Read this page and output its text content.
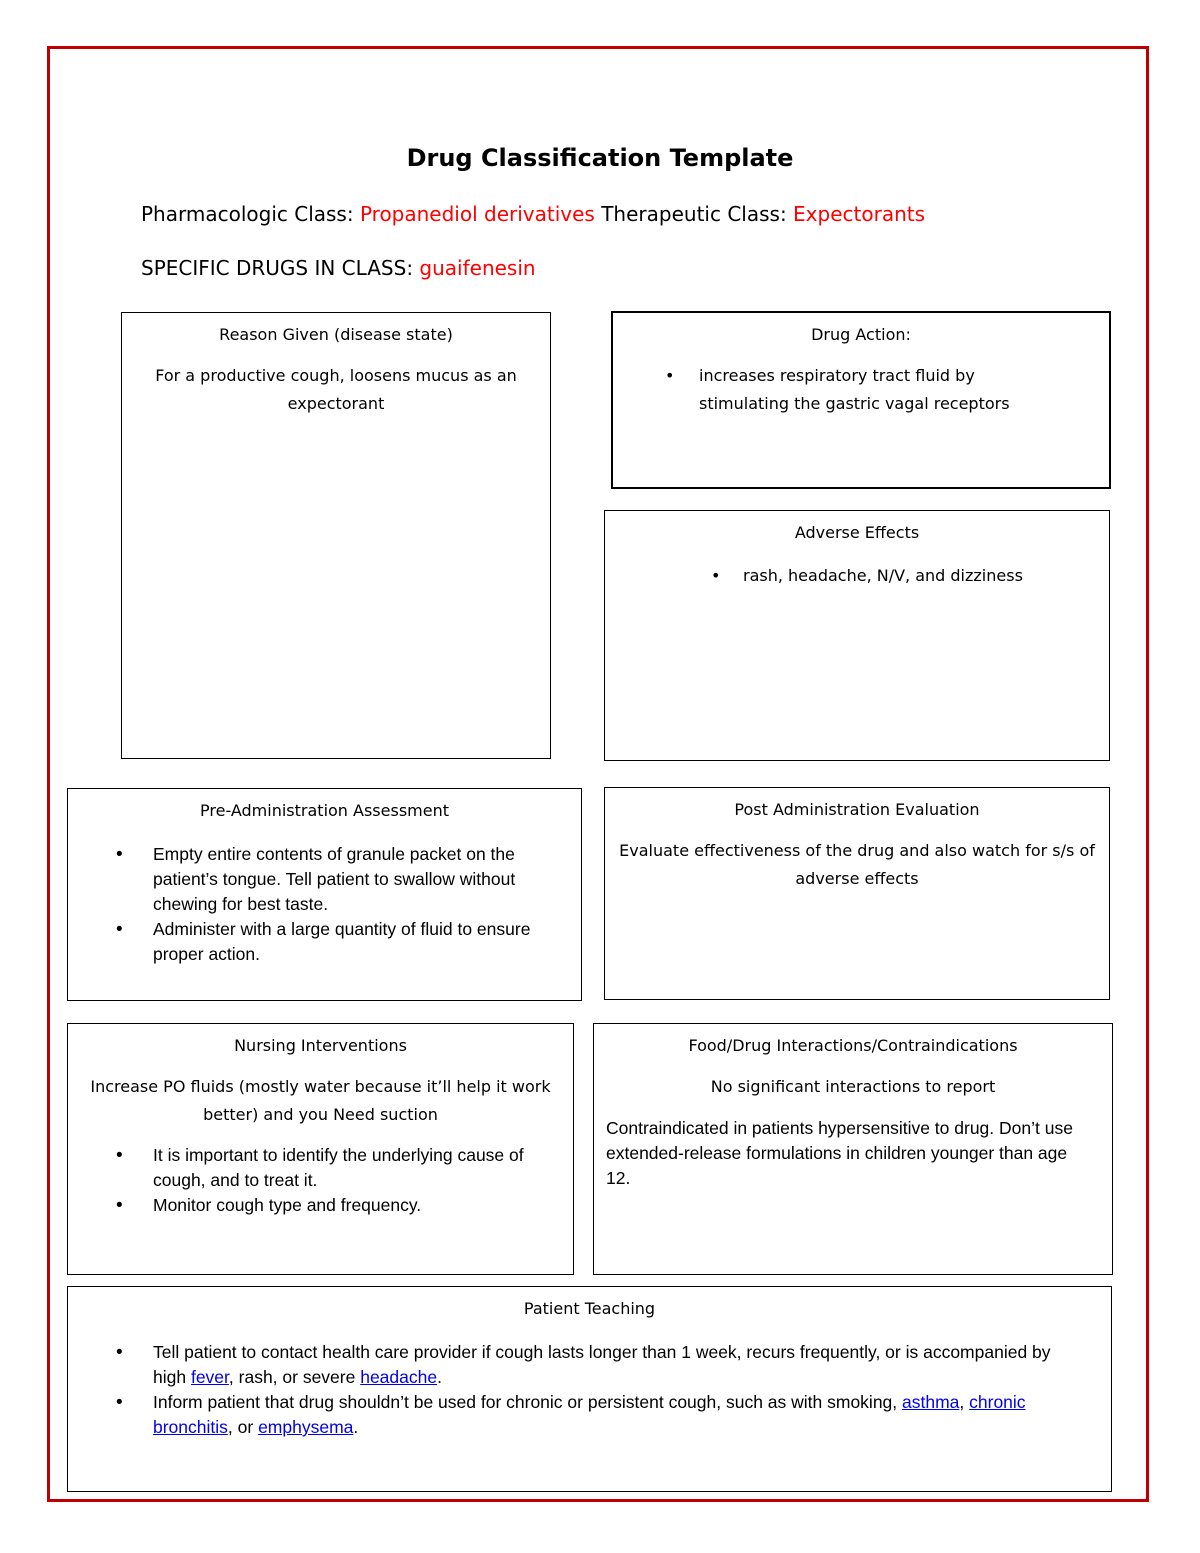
Drug Classification Template
Pharmacologic Class: Propanediol derivatives Therapeutic Class: Expectorants
SPECIFIC DRUGS IN CLASS: guaifenesin
Reason Given (disease state)
For a productive cough, loosens mucus as an expectorant
Drug Action:
• increases respiratory tract fluid by stimulating the gastric vagal receptors
Adverse Effects
• rash, headache, N/V, and dizziness
Pre-Administration Assessment
• Empty entire contents of granule packet on the patient’s tongue. Tell patient to swallow without chewing for best taste.
• Administer with a large quantity of fluid to ensure proper action.
Post Administration Evaluation
Evaluate effectiveness of the drug and also watch for s/s of adverse effects
Nursing Interventions
Increase PO fluids (mostly water because it’ll help it work better) and you Need suction
• It is important to identify the underlying cause of cough, and to treat it.
• Monitor cough type and frequency.
Food/Drug Interactions/Contraindications
No significant interactions to report
Contraindicated in patients hypersensitive to drug. Don’t use extended-release formulations in children younger than age 12.
Patient Teaching
• Tell patient to contact health care provider if cough lasts longer than 1 week, recurs frequently, or is accompanied by high fever, rash, or severe headache.
• Inform patient that drug shouldn’t be used for chronic or persistent cough, such as with smoking, asthma, chronic bronchitis, or emphysema.
